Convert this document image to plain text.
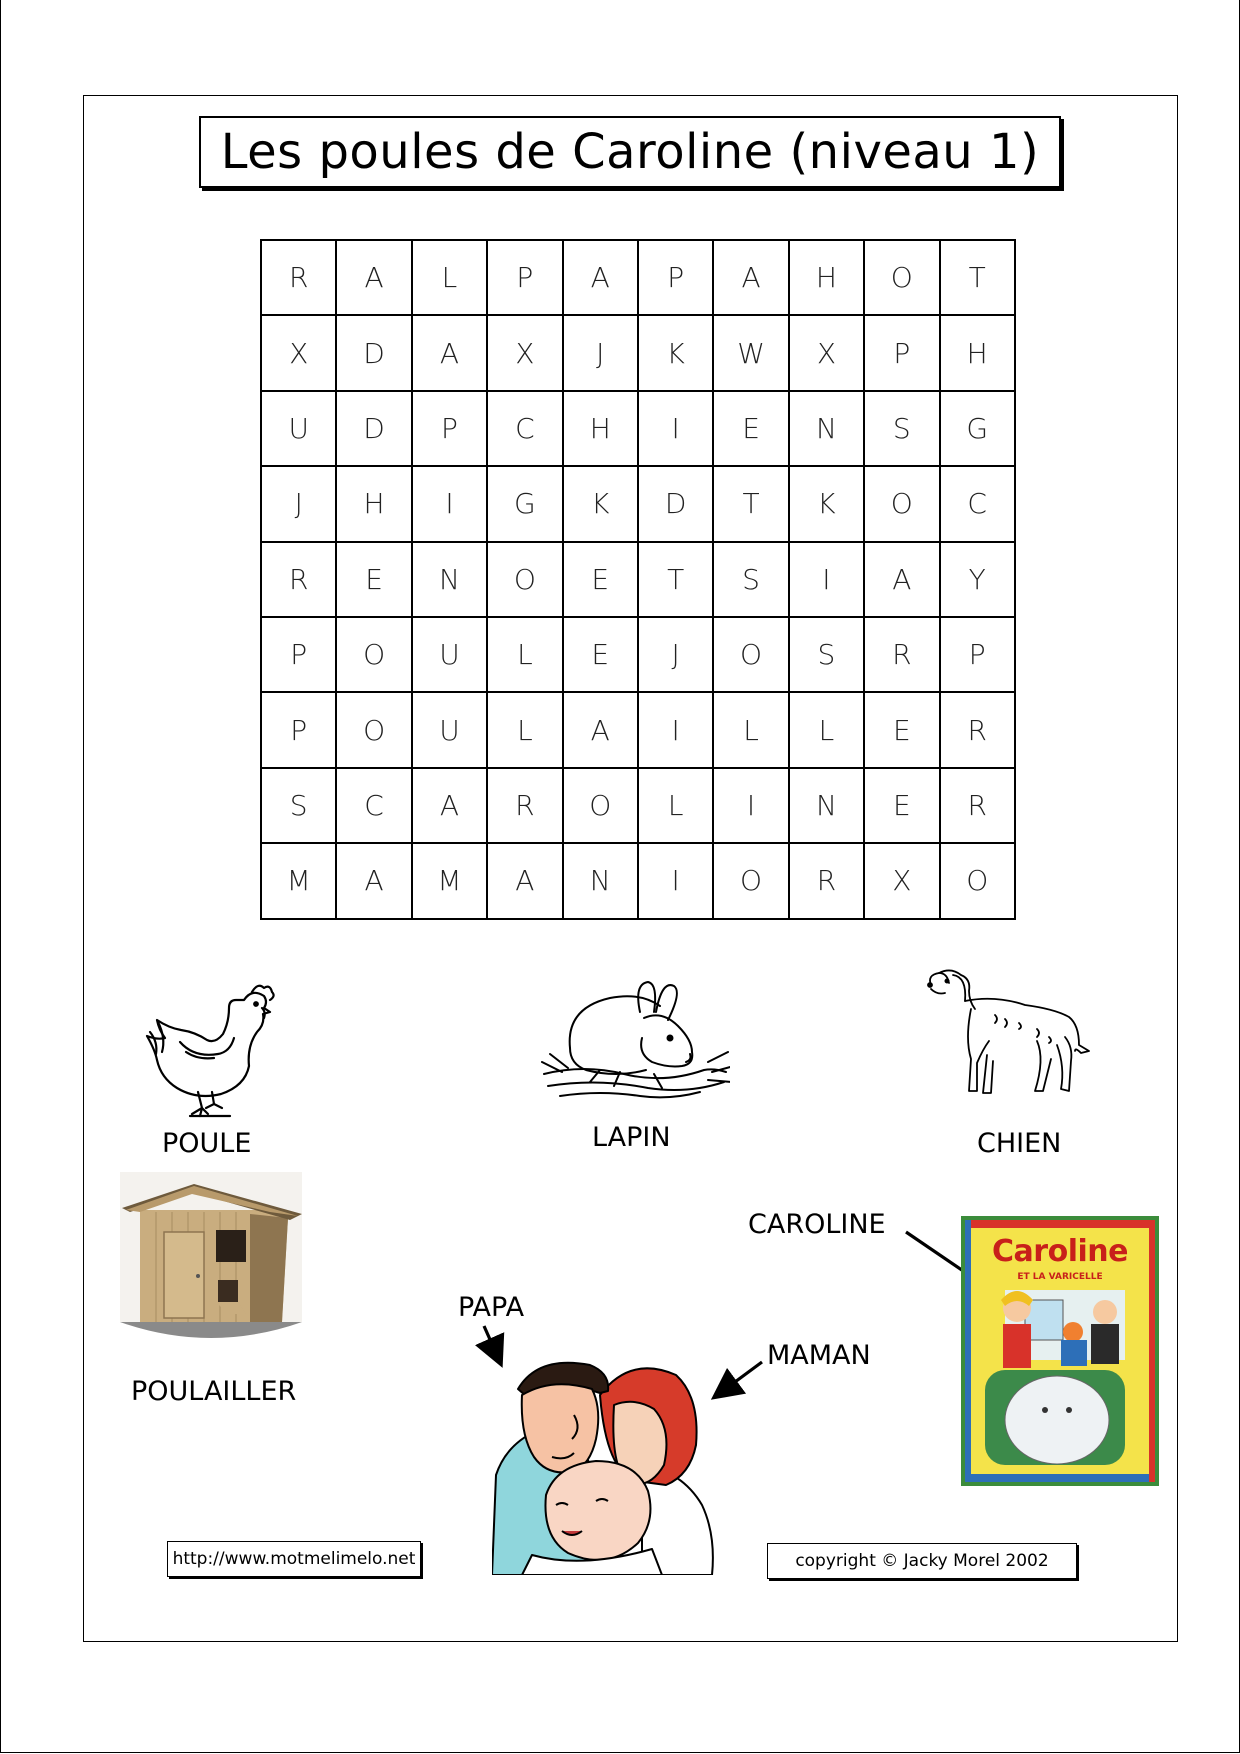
Les poules de Caroline (niveau 1)
R	A	L	P	A	P	A	H	O	T
X	D	A	X	J	K	W	X	P	H
U	D	P	C	H	I	E	N	S	G
J	H	I	G	K	D	T	K	O	C
R	E	N	O	E	T	S	I	A	Y
P	O	U	L	E	J	O	S	R	P
P	O	U	L	A	I	L	L	E	R
S	C	A	R	O	L	I	N	E	R
M	A	M	A	N	I	O	R	X	O
POULE	LAPIN	CHIEN
POULAILLER
PAPA
MAMAN
CAROLINE
Caroline
ET LA VARICELLE
http://www.motmelimelo.net	copyright © Jacky Morel 2002
